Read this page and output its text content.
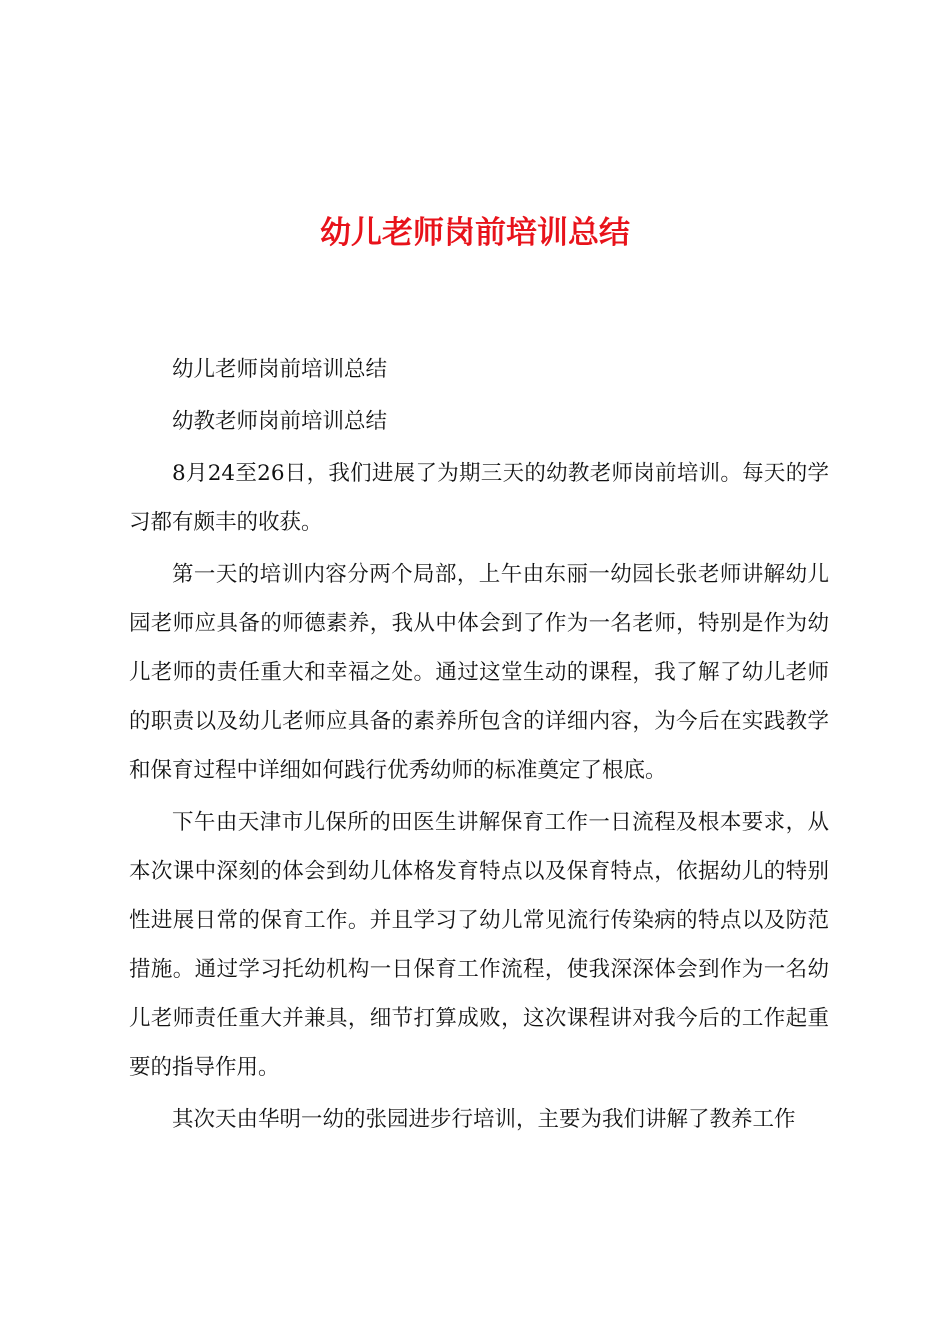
幼儿老师岗前培训总结

幼儿老师岗前培训总结

幼教老师岗前培训总结

8月24至26日，我们进展了为期三天的幼教老师岗前培训。每天的学习都有颇丰的收获。

第一天的培训内容分两个局部，上午由东丽一幼园长张老师讲解幼儿园老师应具备的师德素养，我从中体会到了作为一名老师，特别是作为幼儿老师的责任重大和幸福之处。通过这堂生动的课程，我了解了幼儿老师的职责以及幼儿老师应具备的素养所包含的详细内容，为今后在实践教学和保育过程中详细如何践行优秀幼师的标准奠定了根底。

下午由天津市儿保所的田医生讲解保育工作一日流程及根本要求，从本次课中深刻的体会到幼儿体格发育特点以及保育特点，依据幼儿的特别性进展日常的保育工作。并且学习了幼儿常见流行传染病的特点以及防范措施。通过学习托幼机构一日保育工作流程，使我深深体会到作为一名幼儿老师责任重大并兼具，细节打算成败，这次课程讲对我今后的工作起重要的指导作用。

其次天由华明一幼的张园进步行培训，主要为我们讲解了教养工作
